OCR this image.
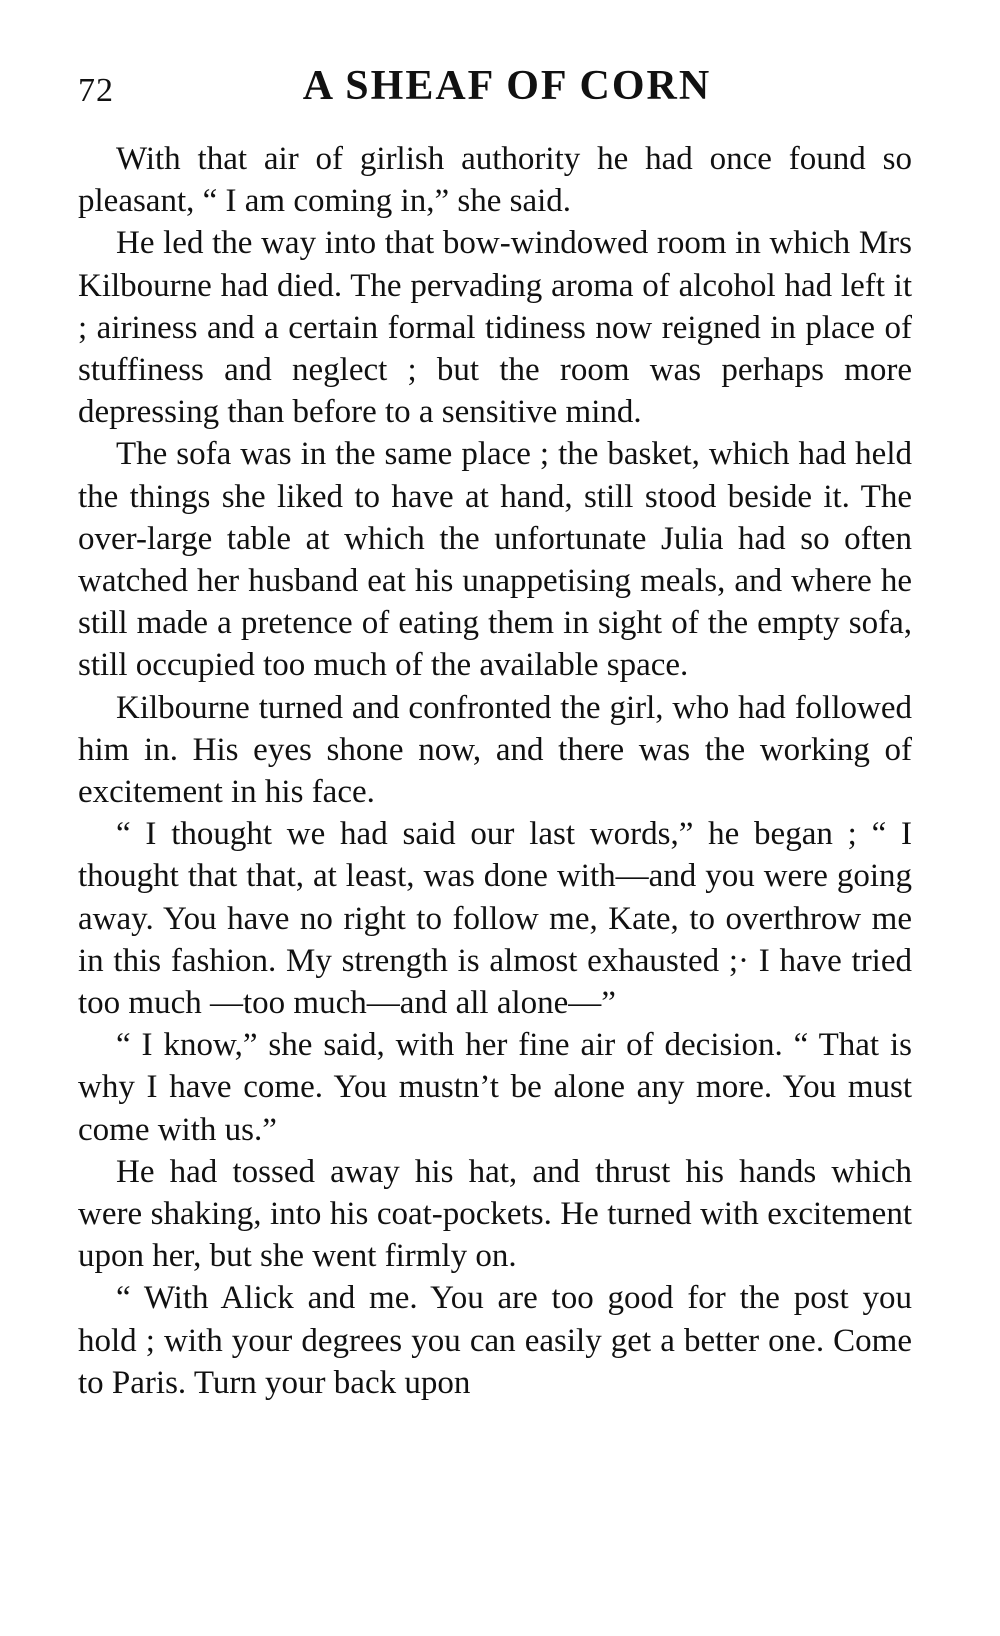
72	A SHEAF OF CORN

With that air of girlish authority he had once found so pleasant, “ I am coming in,” she said.

He led the way into that bow-windowed room in which Mrs Kilbourne had died. The pervading aroma of alcohol had left it ; airiness and a certain formal tidiness now reigned in place of stuffiness and neglect ; but the room was perhaps more depressing than before to a sensitive mind.

The sofa was in the same place ; the basket, which had held the things she liked to have at hand, still stood beside it. The over-large table at which the unfortunate Julia had so often watched her husband eat his unappetising meals, and where he still made a pretence of eating them in sight of the empty sofa, still occupied too much of the available space.

Kilbourne turned and confronted the girl, who had followed him in. His eyes shone now, and there was the working of excitement in his face.

“ I thought we had said our last words,” he began ; “ I thought that that, at least, was done with—and you were going away. You have no right to follow me, Kate, to overthrow me in this fashion. My strength is almost exhausted ;· I have tried too much —too much—and all alone—”

“ I know,” she said, with her fine air of decision. “ That is why I have come. You mustn’t be alone any more. You must come with us.”

He had tossed away his hat, and thrust his hands which were shaking, into his coat-pockets. He turned with excitement upon her, but she went firmly on.

“ With Alick and me. You are too good for the post you hold ; with your degrees you can easily get a better one. Come to Paris. Turn your back upon
